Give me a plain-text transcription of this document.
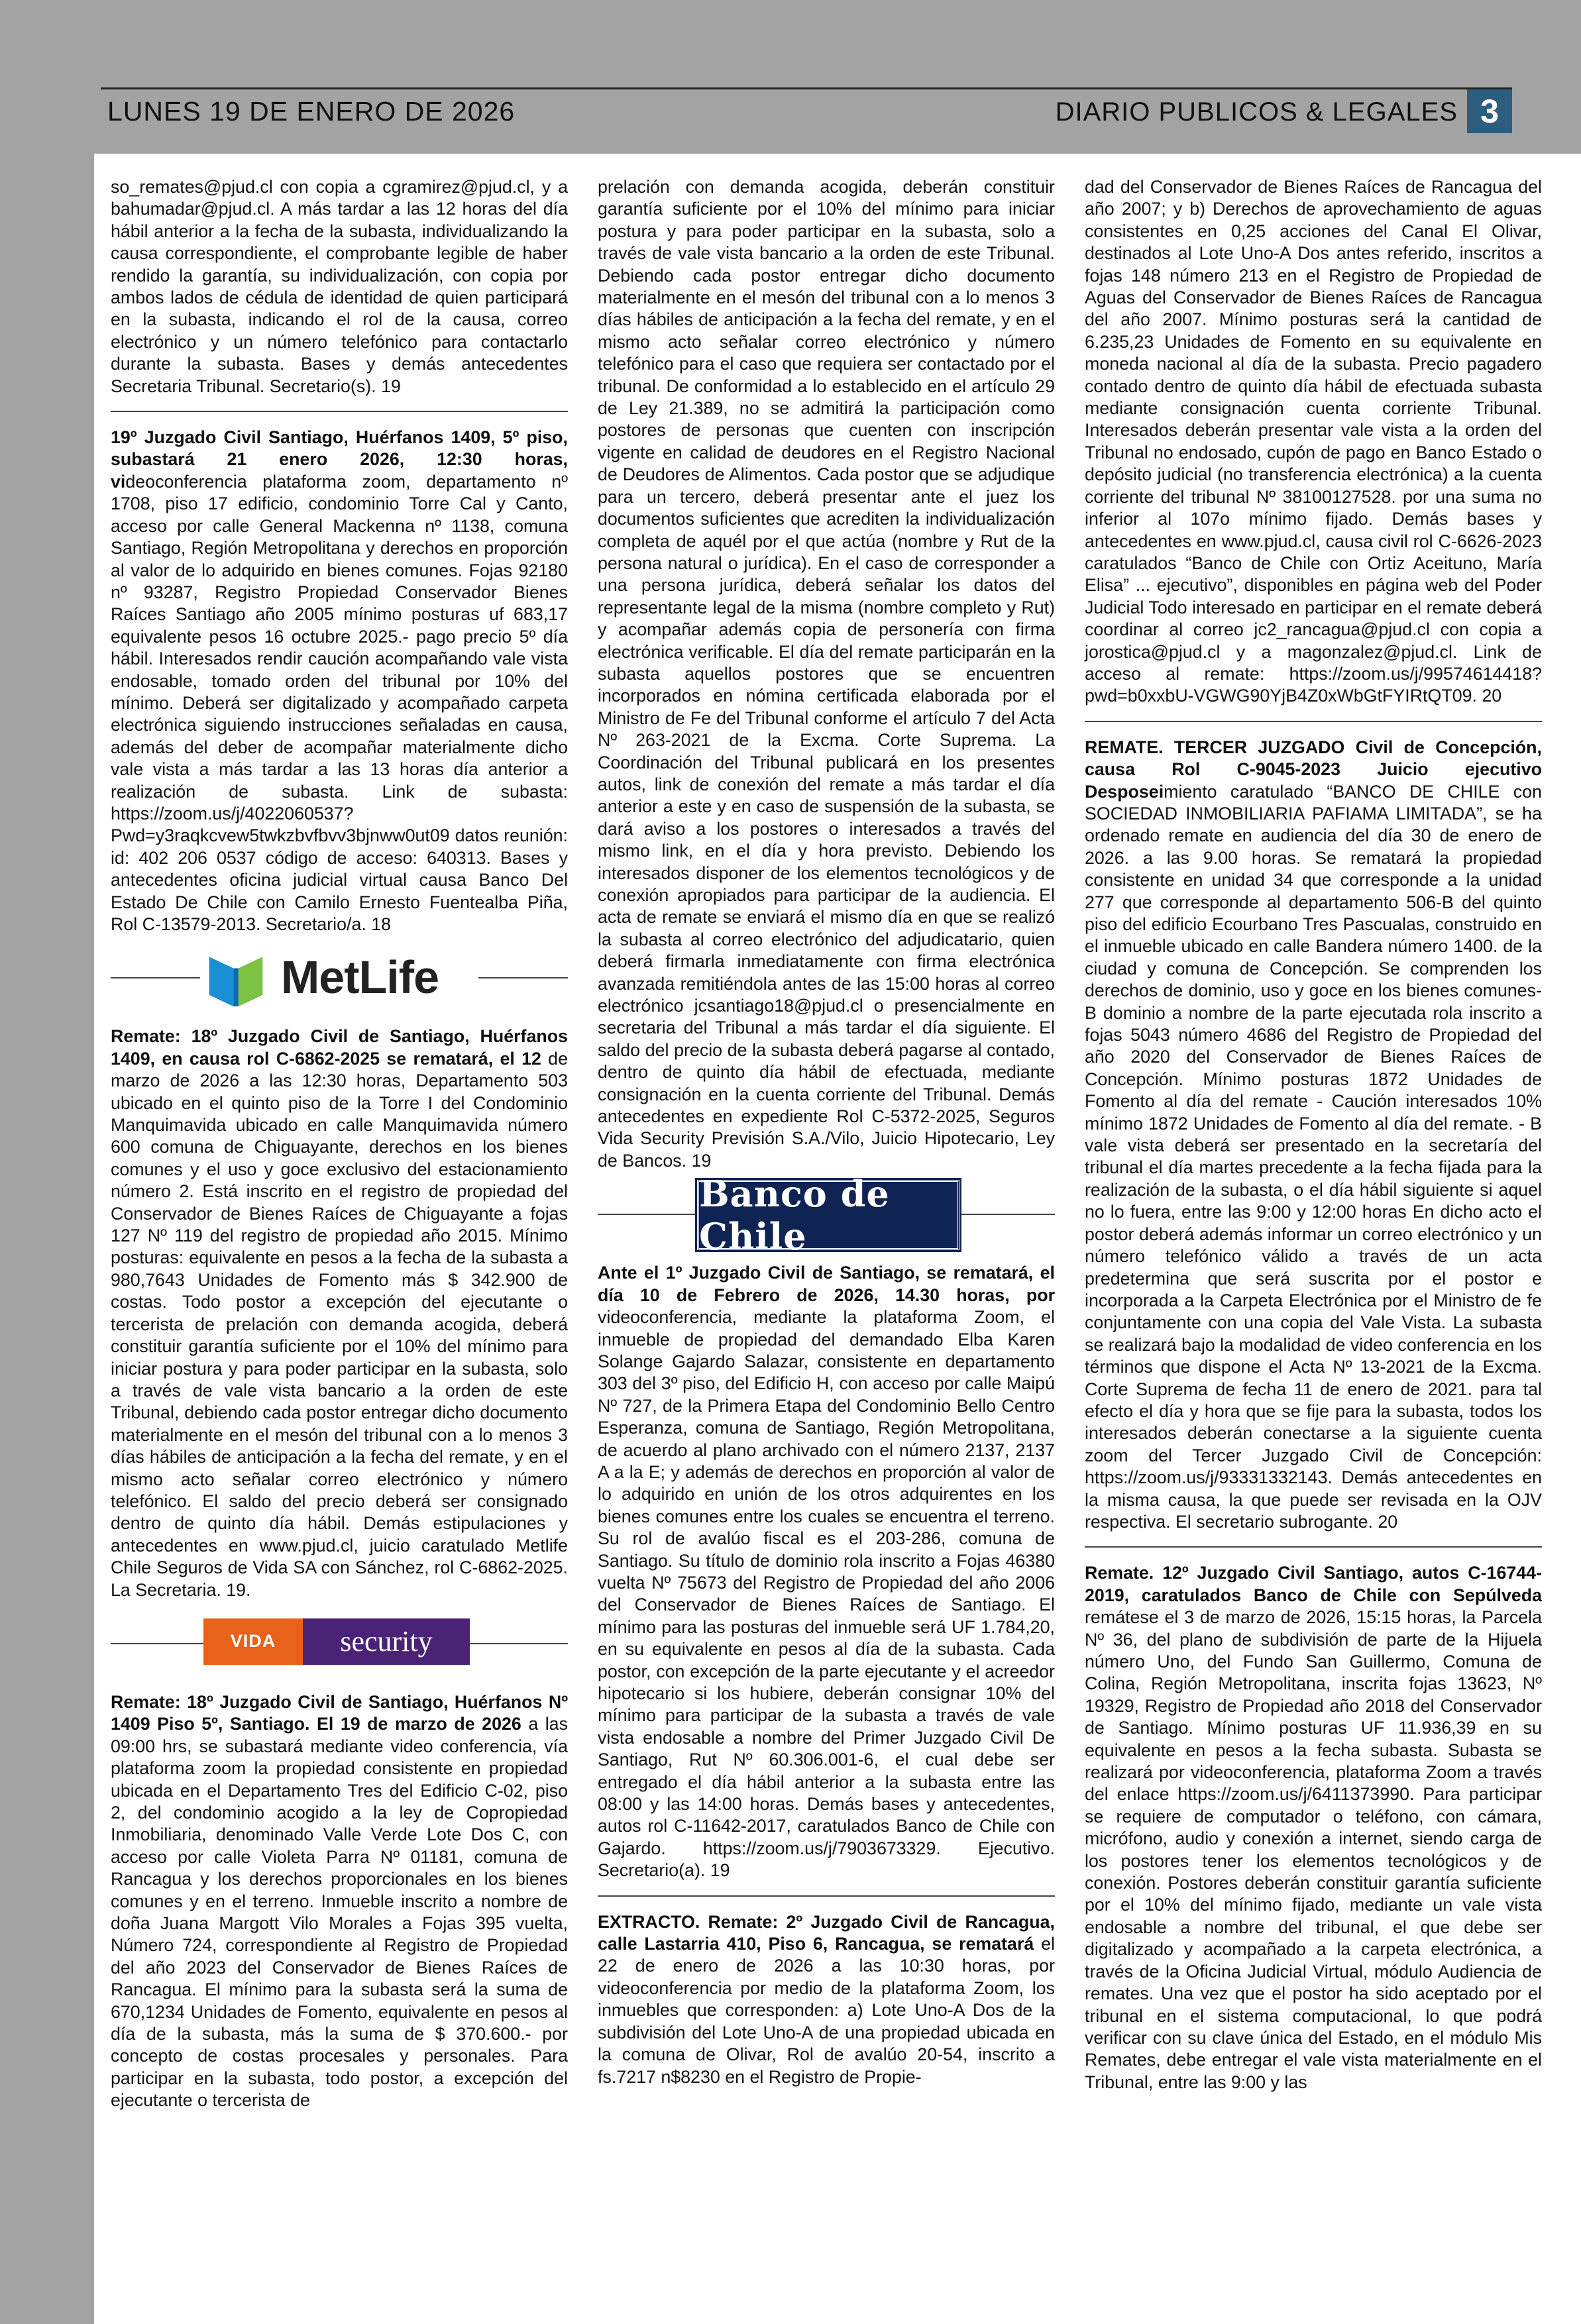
LUNES 19 DE ENERO DE 2026	DIARIO PUBLICOS & LEGALES 3
so_remates@pjud.cl con copia a cgramirez@pjud.cl, y a bahumadar@pjud.cl. A más tardar a las 12 horas del día hábil anterior a la fecha de la subasta, individualizando la causa correspondiente, el comprobante legible de haber rendido la garantía, su individualización, con copia por ambos lados de cédula de identidad de quien participará en la subasta, indicando el rol de la causa, correo electrónico y un número telefónico para contactarlo durante la subasta. Bases y demás antecedentes Secretaria Tribunal. Secretario(s). 19
19º Juzgado Civil Santiago, Huérfanos 1409, 5º piso, subastará 21 enero 2026, 12:30 horas, videoconferencia plataforma zoom, departamento nº 1708, piso 17 edificio, condominio Torre Cal y Canto, acceso por calle General Mackenna nº 1138, comuna Santiago, Región Metropolitana y derechos en proporción al valor de lo adquirido en bienes comunes. Fojas 92180 nº 93287, Registro Propiedad Conservador Bienes Raíces Santiago año 2005 mínimo posturas uf 683,17 equivalente pesos 16 octubre 2025.- pago precio 5º día hábil. Interesados rendir caución acompañando vale vista endosable, tomado orden del tribunal por 10% del mínimo. Deberá ser digitalizado y acompañado carpeta electrónica siguiendo instrucciones señaladas en causa, además del deber de acompañar materialmente dicho vale vista a más tardar a las 13 horas día anterior a realización de subasta. Link de subasta: https://zoom.us/j/4022060537?Pwd=y3raqkcvew5twkzbvfbvv3bjnww0ut09 datos reunión: id: 402 206 0537 código de acceso: 640313. Bases y antecedentes oficina judicial virtual causa Banco Del Estado De Chile con Camilo Ernesto Fuentealba Piña, Rol C-13579-2013. Secretario/a. 18
MetLife
Remate: 18º Juzgado Civil de Santiago, Huérfanos 1409, en causa rol C-6862-2025 se rematará, el 12 de marzo de 2026 a las 12:30 horas, Departamento 503 ubicado en el quinto piso de la Torre I del Condominio Manquimavida ubicado en calle Manquimavida número 600 comuna de Chiguayante, derechos en los bienes comunes y el uso y goce exclusivo del estacionamiento número 2. Está inscrito en el registro de propiedad del Conservador de Bienes Raíces de Chiguayante a fojas 127 Nº 119 del registro de propiedad año 2015. Mínimo posturas: equivalente en pesos a la fecha de la subasta a 980,7643 Unidades de Fomento más $ 342.900 de costas. Todo postor a excepción del ejecutante o tercerista de prelación con demanda acogida, deberá constituir garantía suficiente por el 10% del mínimo para iniciar postura y para poder participar en la subasta, solo a través de vale vista bancario a la orden de este Tribunal, debiendo cada postor entregar dicho documento materialmente en el mesón del tribunal con a lo menos 3 días hábiles de anticipación a la fecha del remate, y en el mismo acto señalar correo electrónico y número telefónico. El saldo del precio deberá ser consignado dentro de quinto día hábil. Demás estipulaciones y antecedentes en www.pjud.cl, juicio caratulado Metlife Chile Seguros de Vida SA con Sánchez, rol C-6862-2025. La Secretaria. 19.
VIDA	security
Remate: 18º Juzgado Civil de Santiago, Huérfanos Nº 1409 Piso 5º, Santiago. El 19 de marzo de 2026 a las 09:00 hrs, se subastará mediante video conferencia, vía plataforma zoom la propiedad consistente en propiedad ubicada en el Departamento Tres del Edificio C-02, piso 2, del condominio acogido a la ley de Copropiedad Inmobiliaria, denominado Valle Verde Lote Dos C, con acceso por calle Violeta Parra Nº 01181, comuna de Rancagua y los derechos proporcionales en los bienes comunes y en el terreno. Inmueble inscrito a nombre de doña Juana Margott Vilo Morales a Fojas 395 vuelta, Número 724, correspondiente al Registro de Propiedad del año 2023 del Conservador de Bienes Raíces de Rancagua. El mínimo para la subasta será la suma de 670,1234 Unidades de Fomento, equivalente en pesos al día de la subasta, más la suma de $ 370.600.- por concepto de costas procesales y personales. Para participar en la subasta, todo postor, a excepción del ejecutante o tercerista de
prelación con demanda acogida, deberán constituir garantía suficiente por el 10% del mínimo para iniciar postura y para poder participar en la subasta, solo a través de vale vista bancario a la orden de este Tribunal. Debiendo cada postor entregar dicho documento materialmente en el mesón del tribunal con a lo menos 3 días hábiles de anticipación a la fecha del remate, y en el mismo acto señalar correo electrónico y número telefónico para el caso que requiera ser contactado por el tribunal. De conformidad a lo establecido en el artículo 29 de Ley 21.389, no se admitirá la participación como postores de personas que cuenten con inscripción vigente en calidad de deudores en el Registro Nacional de Deudores de Alimentos. Cada postor que se adjudique para un tercero, deberá presentar ante el juez los documentos suficientes que acrediten la individualización completa de aquél por el que actúa (nombre y Rut de la persona natural o jurídica). En el caso de corresponder a una persona jurídica, deberá señalar los datos del representante legal de la misma (nombre completo y Rut) y acompañar además copia de personería con firma electrónica verificable. El día del remate participarán en la subasta aquellos postores que se encuentren incorporados en nómina certificada elaborada por el Ministro de Fe del Tribunal conforme el artículo 7 del Acta Nº 263-2021 de la Excma. Corte Suprema. La Coordinación del Tribunal publicará en los presentes autos, link de conexión del remate a más tardar el día anterior a este y en caso de suspensión de la subasta, se dará aviso a los postores o interesados a través del mismo link, en el día y hora previsto. Debiendo los interesados disponer de los elementos tecnológicos y de conexión apropiados para participar de la audiencia. El acta de remate se enviará el mismo día en que se realizó la subasta al correo electrónico del adjudicatario, quien deberá firmarla inmediatamente con firma electrónica avanzada remitiéndola antes de las 15:00 horas al correo electrónico jcsantiago18@pjud.cl o presencialmente en secretaria del Tribunal a más tardar el día siguiente. El saldo del precio de la subasta deberá pagarse al contado, dentro de quinto día hábil de efectuada, mediante consignación en la cuenta corriente del Tribunal. Demás antecedentes en expediente Rol C-5372-2025, Seguros Vida Security Previsión S.A./Vilo, Juicio Hipotecario, Ley de Bancos. 19
Banco de Chile
Ante el 1º Juzgado Civil de Santiago, se rematará, el día 10 de Febrero de 2026, 14.30 horas, por videoconferencia, mediante la plataforma Zoom, el inmueble de propiedad del demandado Elba Karen Solange Gajardo Salazar, consistente en departamento 303 del 3º piso, del Edificio H, con acceso por calle Maipú Nº 727, de la Primera Etapa del Condominio Bello Centro Esperanza, comuna de Santiago, Región Metropolitana, de acuerdo al plano archivado con el número 2137, 2137 A a la E; y además de derechos en proporción al valor de lo adquirido en unión de los otros adquirentes en los bienes comunes entre los cuales se encuentra el terreno. Su rol de avalúo fiscal es el 203-286, comuna de Santiago. Su título de dominio rola inscrito a Fojas 46380 vuelta Nº 75673 del Registro de Propiedad del año 2006 del Conservador de Bienes Raíces de Santiago. El mínimo para las posturas del inmueble será UF 1.784,20, en su equivalente en pesos al día de la subasta. Cada postor, con excepción de la parte ejecutante y el acreedor hipotecario si los hubiere, deberán consignar 10% del mínimo para participar de la subasta a través de vale vista endosable a nombre del Primer Juzgado Civil De Santiago, Rut Nº 60.306.001-6, el cual debe ser entregado el día hábil anterior a la subasta entre las 08:00 y las 14:00 horas. Demás bases y antecedentes, autos rol C-11642-2017, caratulados Banco de Chile con Gajardo. https://zoom.us/j/7903673329. Ejecutivo. Secretario(a). 19
EXTRACTO. Remate: 2º Juzgado Civil de Rancagua, calle Lastarria 410, Piso 6, Rancagua, se rematará el 22 de enero de 2026 a las 10:30 horas, por videoconferencia por medio de la plataforma Zoom, los inmuebles que corresponden: a) Lote Uno-A Dos de la subdivisión del Lote Uno-A de una propiedad ubicada en la comuna de Olivar, Rol de avalúo 20-54, inscrito a fs.7217 n$8230 en el Registro de Propie-
dad del Conservador de Bienes Raíces de Rancagua del año 2007; y b) Derechos de aprovechamiento de aguas consistentes en 0,25 acciones del Canal El Olivar, destinados al Lote Uno-A Dos antes referido, inscritos a fojas 148 número 213 en el Registro de Propiedad de Aguas del Conservador de Bienes Raíces de Rancagua del año 2007. Mínimo posturas será la cantidad de 6.235,23 Unidades de Fomento en su equivalente en moneda nacional al día de la subasta. Precio pagadero contado dentro de quinto día hábil de efectuada subasta mediante consignación cuenta corriente Tribunal. Interesados deberán presentar vale vista a la orden del Tribunal no endosado, cupón de pago en Banco Estado o depósito judicial (no transferencia electrónica) a la cuenta corriente del tribunal Nº 38100127528. por una suma no inferior al 107o mínimo fijado. Demás bases y antecedentes en www.pjud.cl, causa civil rol C-6626-2023 caratulados “Banco de Chile con Ortiz Aceituno, María Elisa” ... ejecutivo”, disponibles en página web del Poder Judicial Todo interesado en participar en el remate deberá coordinar al correo jc2_rancagua@pjud.cl con copia a jorostica@pjud.cl y a magonzalez@pjud.cl. Link de acceso al remate: https://zoom.us/j/99574614418?pwd=b0xxbU-VGWG90YjB4Z0xWbGtFYIRtQT09. 20
REMATE. TERCER JUZGADO Civil de Concepción, causa Rol C-9045-2023 Juicio ejecutivo Desposeimiento caratulado “BANCO DE CHILE con SOCIEDAD INMOBILIARIA PAFIAMA LIMITADA”, se ha ordenado remate en audiencia del día 30 de enero de 2026. a las 9.00 horas. Se rematará la propiedad consistente en unidad 34 que corresponde a la unidad 277 que corresponde al departamento 506-B del quinto piso del edificio Ecourbano Tres Pascualas, construido en el inmueble ubicado en calle Bandera número 1400. de la ciudad y comuna de Concepción. Se comprenden los derechos de dominio, uso y goce en los bienes comunes- B dominio a nombre de la parte ejecutada rola inscrito a fojas 5043 número 4686 del Registro de Propiedad del año 2020 del Conservador de Bienes Raíces de Concepción. Mínimo posturas 1872 Unidades de Fomento al día del remate - Caución interesados 10% mínimo 1872 Unidades de Fomento al día del remate. - B vale vista deberá ser presentado en la secretaría del tribunal el día martes precedente a la fecha fijada para la realización de la subasta, o el día hábil siguiente si aquel no lo fuera, entre las 9:00 y 12:00 horas En dicho acto el postor deberá además informar un correo electrónico y un número telefónico válido a través de un acta predetermina que será suscrita por el postor e incorporada a la Carpeta Electrónica por el Ministro de fe conjuntamente con una copia del Vale Vista. La subasta se realizará bajo la modalidad de video conferencia en los términos que dispone el Acta Nº 13-2021 de la Excma. Corte Suprema de fecha 11 de enero de 2021. para tal efecto el día y hora que se fije para la subasta, todos los interesados deberán conectarse a la siguiente cuenta zoom del Tercer Juzgado Civil de Concepción: https://zoom.us/j/93331332143. Demás antecedentes en la misma causa, la que puede ser revisada en la OJV respectiva. El secretario subrogante. 20
Remate. 12º Juzgado Civil Santiago, autos C-16744-2019, caratulados Banco de Chile con Sepúlveda remátese el 3 de marzo de 2026, 15:15 horas, la Parcela Nº 36, del plano de subdivisión de parte de la Hijuela número Uno, del Fundo San Guillermo, Comuna de Colina, Región Metropolitana, inscrita fojas 13623, Nº 19329, Registro de Propiedad año 2018 del Conservador de Santiago. Mínimo posturas UF 11.936,39 en su equivalente en pesos a la fecha subasta. Subasta se realizará por videoconferencia, plataforma Zoom a través del enlace https://zoom.us/j/6411373990. Para participar se requiere de computador o teléfono, con cámara, micrófono, audio y conexión a internet, siendo carga de los postores tener los elementos tecnológicos y de conexión. Postores deberán constituir garantía suficiente por el 10% del mínimo fijado, mediante un vale vista endosable a nombre del tribunal, el que debe ser digitalizado y acompañado a la carpeta electrónica, a través de la Oficina Judicial Virtual, módulo Audiencia de remates. Una vez que el postor ha sido aceptado por el tribunal en el sistema computacional, lo que podrá verificar con su clave única del Estado, en el módulo Mis Remates, debe entregar el vale vista materialmente en el Tribunal, entre las 9:00 y las
